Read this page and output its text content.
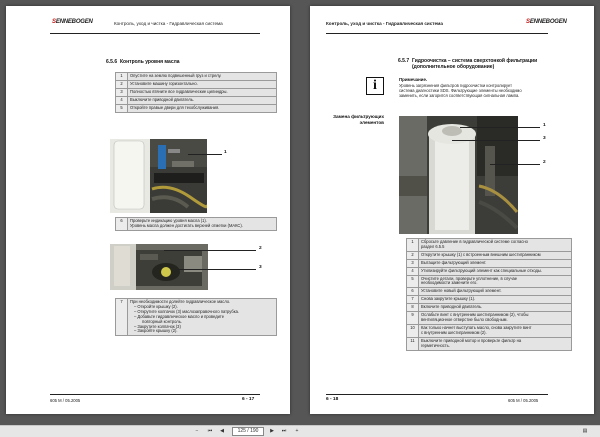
SENNEBOGEN	Контроль, уход и чистка - Гидравлическая система
6.5.6 Контроль уровня масла
1	Опустите на землю подвешенный груз и стрелу.
2	Установите машину горизонтально.
3	Полностью втяните все гидравлические цилиндры.
4	Выключите приводной двигатель.
5	Откройте правые двери для техобслуживания.
1
6	Проверьте индикацию уровня масла (1).
Уровень масла должен достигать верхней отметки (МАКС).
2
3
7	При необходимости долейте гидравлическое масло.
– Откройте крышку (2).
– Открутите колпачок (3) маслозаправочного патрубка.
– Добавьте гидравлическое масло и проведите
повторный контроль.
– Закрутите колпачок (3)
– Закройте крышку (2).
605 M / 05.2005	6 - 17
Контроль, уход и чистка - Гидравлическая система	SENNEBOGEN
6.5.7 Гидроочистка – система сверхтонкой фильтрации
(дополнительное оборудование)
i	Примечание.
Уровень загрязнения фильтров гидроочистки контролирует
система диагностики SDS. Фильтрующие элементы необходимо
заменить, если загорится соответствующая сигнальная лампа.
Замена фильтрующих
элементов
1
3
2
1	Сбросьте давление в гидравлической системе согласно
раздел 6.5.5

2	Открутите крышку (1) с встроенным внешним шестигранником
3	Вытащите фильтрующий элемент.
4	Утилизируйте фильтрующий элемент как специальные отходы.
5	Очистите детали, проверьте уплотнение, в случае
необходимости замените его.

6	Установите новый фильтрующий элемент.
7	Снова закрутите крышку (1).
8	Включите приводной двигатель.
9	Ослабьте винт с внутренним шестигранником (2), чтобы
вентиляционное отверстие было свободным.

10	Как только начнет выступать масло, снова закрутите винт
с внутренним шестигранником (2).

11	Выключите приводной мотор и проверьте фильтр на
герметичность.
6 - 18	605 M / 05.2005
−	⏮	◀	125 / 190	▶	⏭	+	▤
